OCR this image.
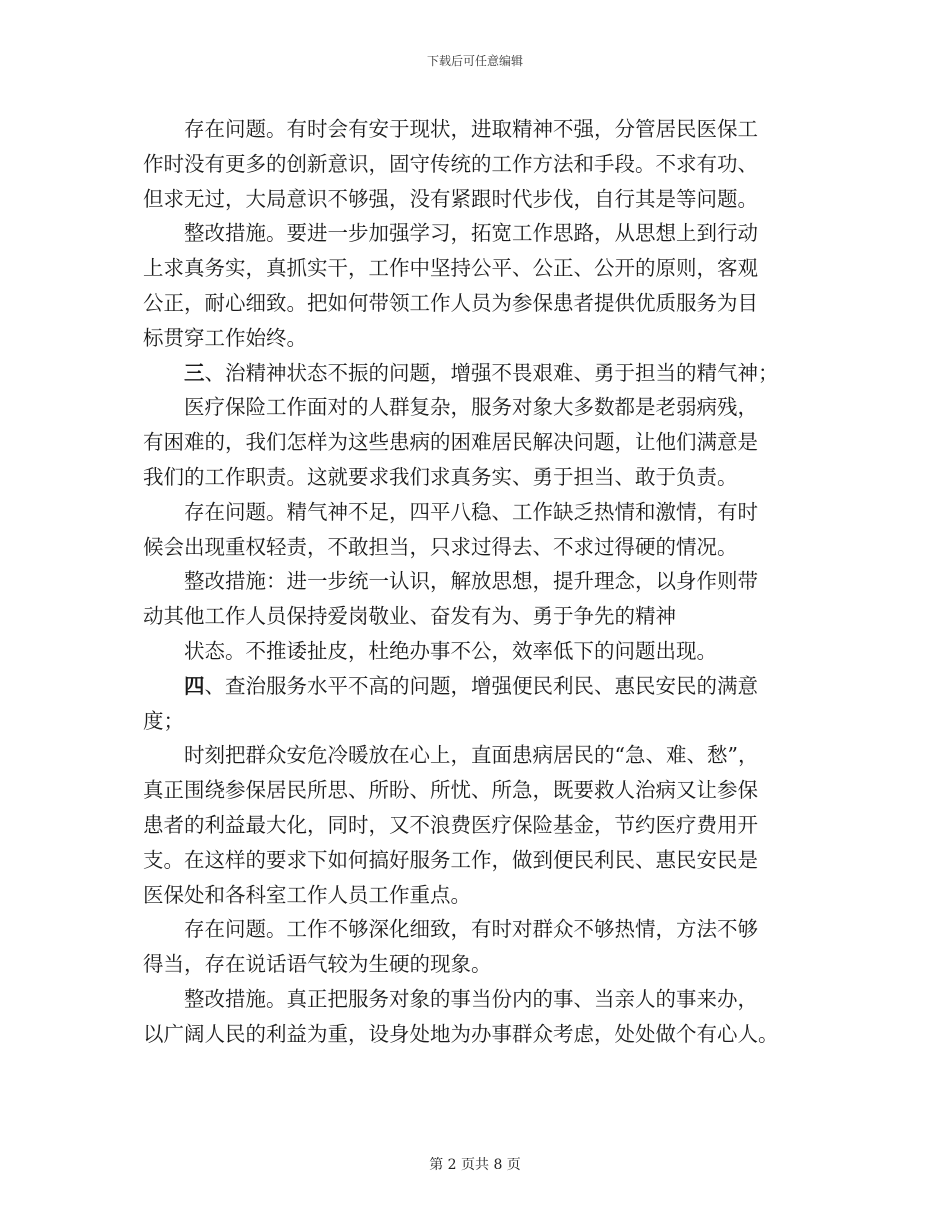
下载后可任意编辑
存在问题。有时会有安于现状，进取精神不强，分管居民医保工
作时没有更多的创新意识，固守传统的工作方法和手段。不求有功、
但求无过，大局意识不够强，没有紧跟时代步伐，自行其是等问题。
整改措施。要进一步加强学习，拓宽工作思路，从思想上到行动
上求真务实，真抓实干，工作中坚持公平、公正、公开的原则，客观
公正，耐心细致。把如何带领工作人员为参保患者提供优质服务为目
标贯穿工作始终。
三、治精神状态不振的问题，增强不畏艰难、勇于担当的精气神；
医疗保险工作面对的人群复杂，服务对象大多数都是老弱病残，
有困难的，我们怎样为这些患病的困难居民解决问题，让他们满意是
我们的工作职责。这就要求我们求真务实、勇于担当、敢于负责。
存在问题。精气神不足，四平八稳、工作缺乏热情和激情，有时
候会出现重权轻责，不敢担当，只求过得去、不求过得硬的情况。
整改措施：进一步统一认识，解放思想，提升理念，以身作则带
动其他工作人员保持爱岗敬业、奋发有为、勇于争先的精神
状态。不推诿扯皮，杜绝办事不公，效率低下的问题出现。
四、查治服务水平不高的问题，增强便民利民、惠民安民的满意
度；
时刻把群众安危冷暖放在心上，直面患病居民的“急、难、愁”，
真正围绕参保居民所思、所盼、所忧、所急，既要救人治病又让参保
患者的利益最大化，同时，又不浪费医疗保险基金，节约医疗费用开
支。在这样的要求下如何搞好服务工作，做到便民利民、惠民安民是
医保处和各科室工作人员工作重点。
存在问题。工作不够深化细致，有时对群众不够热情，方法不够
得当，存在说话语气较为生硬的现象。
整改措施。真正把服务对象的事当份内的事、当亲人的事来办，
以广阔人民的利益为重，设身处地为办事群众考虑，处处做个有心人。
第 2 页共 8 页
